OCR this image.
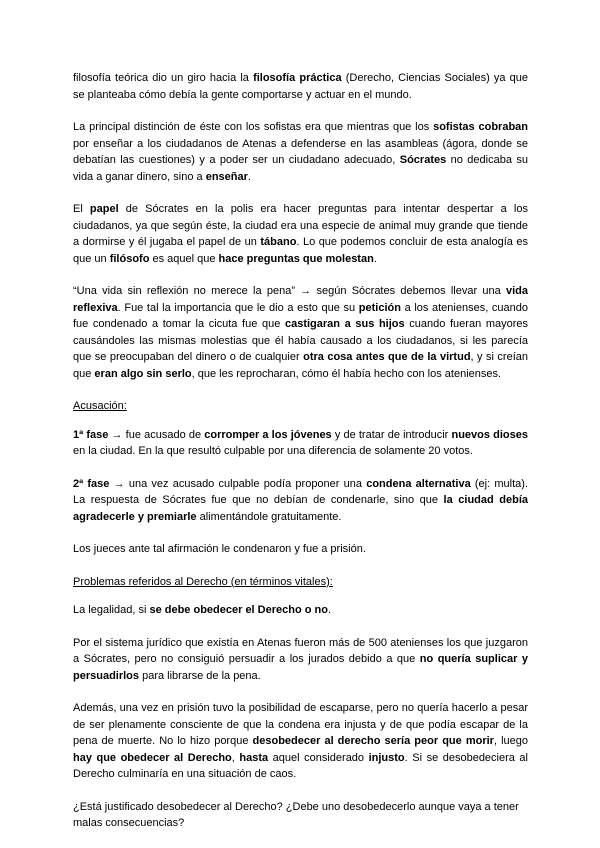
filosofía teórica dio un giro hacia la filosofía práctica (Derecho, Ciencias Sociales) ya que se planteaba cómo debía la gente comportarse y actuar en el mundo.

La principal distinción de éste con los sofistas era que mientras que los sofistas cobraban por enseñar a los ciudadanos de Atenas a defenderse en las asambleas (ágora, donde se debatían las cuestiones) y a poder ser un ciudadano adecuado, Sócrates no dedicaba su vida a ganar dinero, sino a enseñar.

El papel de Sócrates en la polis era hacer preguntas para intentar despertar a los ciudadanos, ya que según éste, la ciudad era una especie de animal muy grande que tiende a dormirse y él jugaba el papel de un tábano. Lo que podemos concluir de esta analogía es que un filósofo es aquel que hace preguntas que molestan.

“Una vida sin reflexión no merece la pena” → según Sócrates debemos llevar una vida reflexiva. Fue tal la importancia que le dio a esto que su petición a los atenienses, cuando fue condenado a tomar la cicuta fue que castigaran a sus hijos cuando fueran mayores causándoles las mismas molestias que él había causado a los ciudadanos, si les parecía que se preocupaban del dinero o de cualquier otra cosa antes que de la virtud, y si creían que eran algo sin serlo, que les reprocharan, cómo él había hecho con los atenienses.

Acusación:

1ª fase → fue acusado de corromper a los jóvenes y de tratar de introducir nuevos dioses en la ciudad. En la que resultó culpable por una diferencia de solamente 20 votos.

2ª fase → una vez acusado culpable podía proponer una condena alternativa (ej: multa). La respuesta de Sócrates fue que no debían de condenarle, sino que la ciudad debía agradecerle y premiarle alimentándole gratuitamente.

Los jueces ante tal afirmación le condenaron y fue a prisión.

Problemas referidos al Derecho (en términos vitales):

La legalidad, si se debe obedecer el Derecho o no.

Por el sistema jurídico que existía en Atenas fueron más de 500 atenienses los que juzgaron a Sócrates, pero no consiguió persuadir a los jurados debido a que no quería suplicar y persuadirlos para librarse de la pena.

Además, una vez en prisión tuvo la posibilidad de escaparse, pero no quería hacerlo a pesar de ser plenamente consciente de que la condena era injusta y de que podía escapar de la pena de muerte. No lo hizo porque desobedecer al derecho sería peor que morir, luego hay que obedecer al Derecho, hasta aquel considerado injusto. Si se desobedeciera al Derecho culminaría en una situación de caos.

¿Está justificado desobedecer al Derecho? ¿Debe uno desobedecerlo aunque vaya a tener malas consecuencias?
